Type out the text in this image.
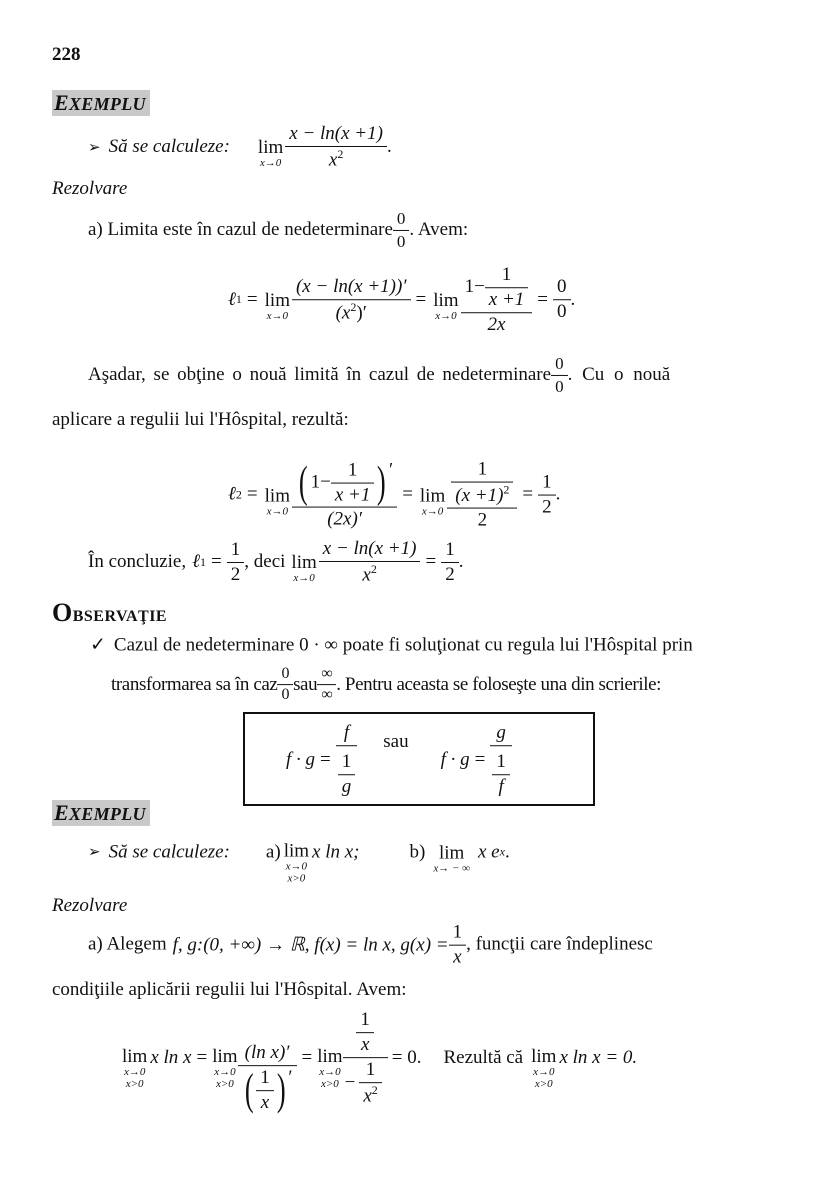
228
EXEMPLU
➢ Să se calculeze: lim
$x\to 0 \frac{x - \ln(x +1)}{x^2}$ .
Rezolvare
a) Limita este în cazul de nedeterminare $\frac{0}{0}$ . Avem:
ℓ 1 = lim
$x\to 0 \frac{(x - \ln(x +1))'}{(x^2)'} = \lim$
$x\to 0 \frac{1- \frac{1}{x +1}}{2x} = \frac{0}{0}$ .
Aşadar, se obţine o nouă limită în cazul de nedeterminare $\frac{0}{0}$ . Cu o nouă
aplicare a regulii lui l'Hôspital, rezultă:
ℓ 2 = lim
$x\to 0 \frac{( 1- \frac{1}{x +1} ) '}{(2x)'} = \lim$
$x\to 0 \frac{\frac{1}{(x +1)^2}}{2} = \frac{1}{2}$ .
În concluzie, ℓ $1 = \frac{1}{2}$ , deci lim
$x\to 0 \frac{x - \ln(x +1)}{x^2} = \frac{1}{2}$ .
OBSERVAŢIE
✓ Cazul de nedeterminare 0 · ∞ poate fi soluţionat cu regula lui l'Hôspital prin
transformarea sa în caz $\frac{0}{0}$ sau $\frac{\infty}{\infty}$ . Pentru aceasta se foloseşte una din scrierile:
$f \cdot g = \frac{f}{\frac{1}{g}}$ sau
$f \cdot g = \frac{g}{\frac{1}{f}}$
EXEMPLU
➢ Să se calculeze: a) lim
x→0
x>0
x ln x;	b) lim
x→ − ∞
x e x .
Rezolvare
a) Alegem f, g:(0, +∞) → ℝ, f(x) = ln x, $g(x) = \frac{1}{x}$ , funcţii care îndeplinesc
condiţiile aplicării regulii lui l'Hôspital. Avem:
lim
x→0
x>0
x ln x = lim
x→0
$x>0 \frac{\text{(ln x)′}}{( \frac{1}{x} ) '} = \lim$
x→0
$x>0 \frac{\frac{1}{x}}{- \frac{1}{x^2}} = 0$. Rezultă că lim
x→0
x>0
x ln x = 0.
